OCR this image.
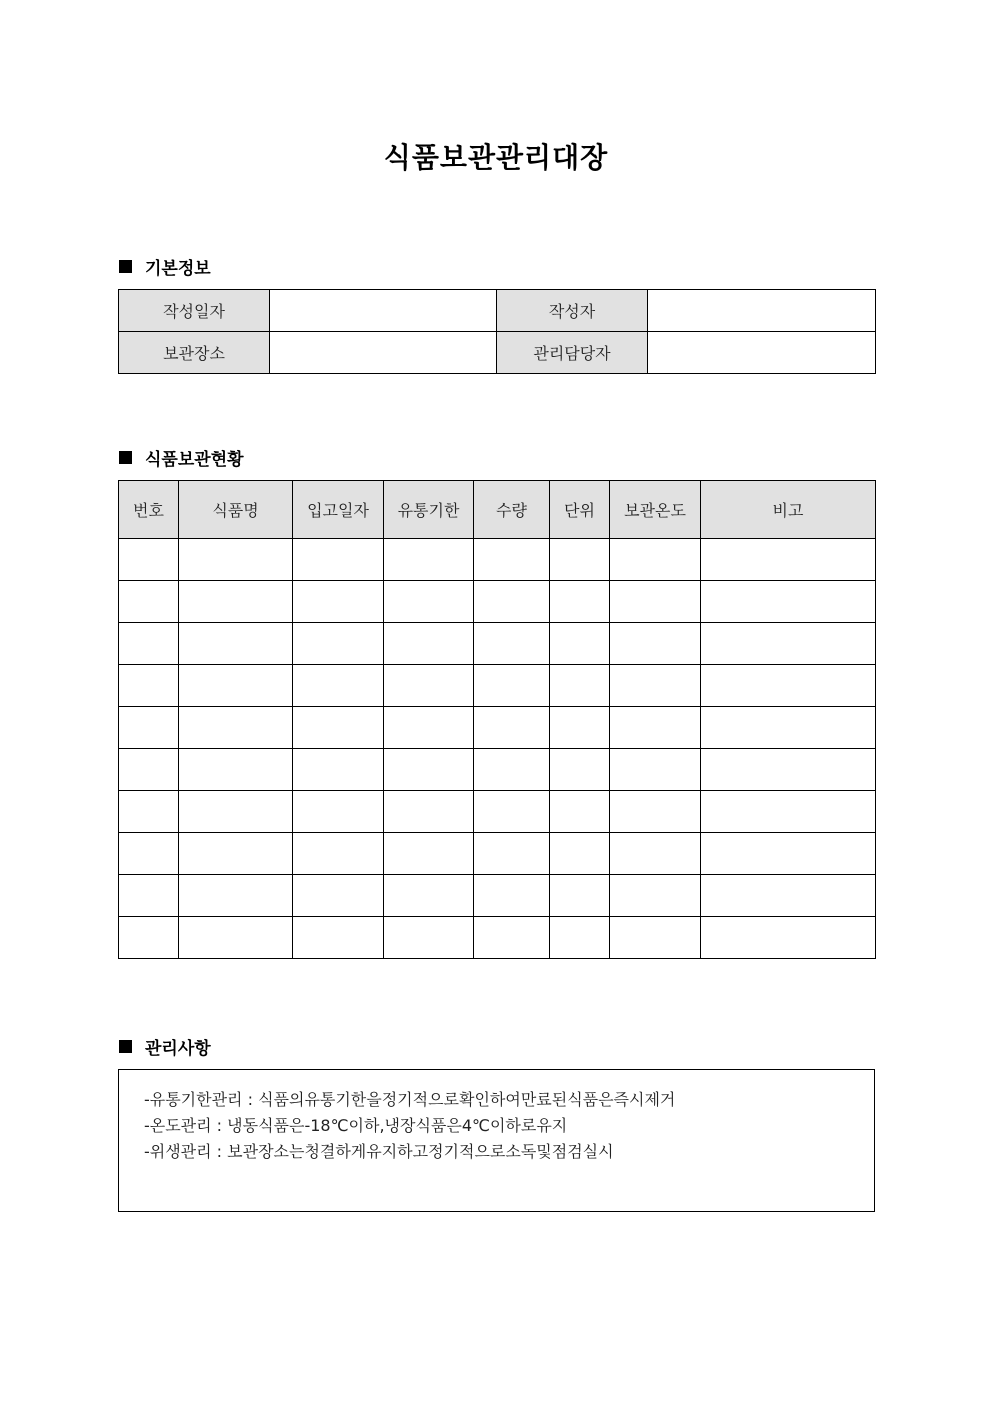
식품보관관리대장
기본정보
작성일자		작성자	
보관장소		관리담당자	
식품보관현황
번호	식품명	입고일자	유통기한	수량	단위	보관온도	비고

관리사항
-유통기한관리 : 식품의유통기한을정기적으로확인하여만료된식품은즉시제거
-온도관리 : 냉동식품은-18℃이하,냉장식품은4℃이하로유지
-위생관리 : 보관장소는청결하게유지하고정기적으로소독및점검실시
